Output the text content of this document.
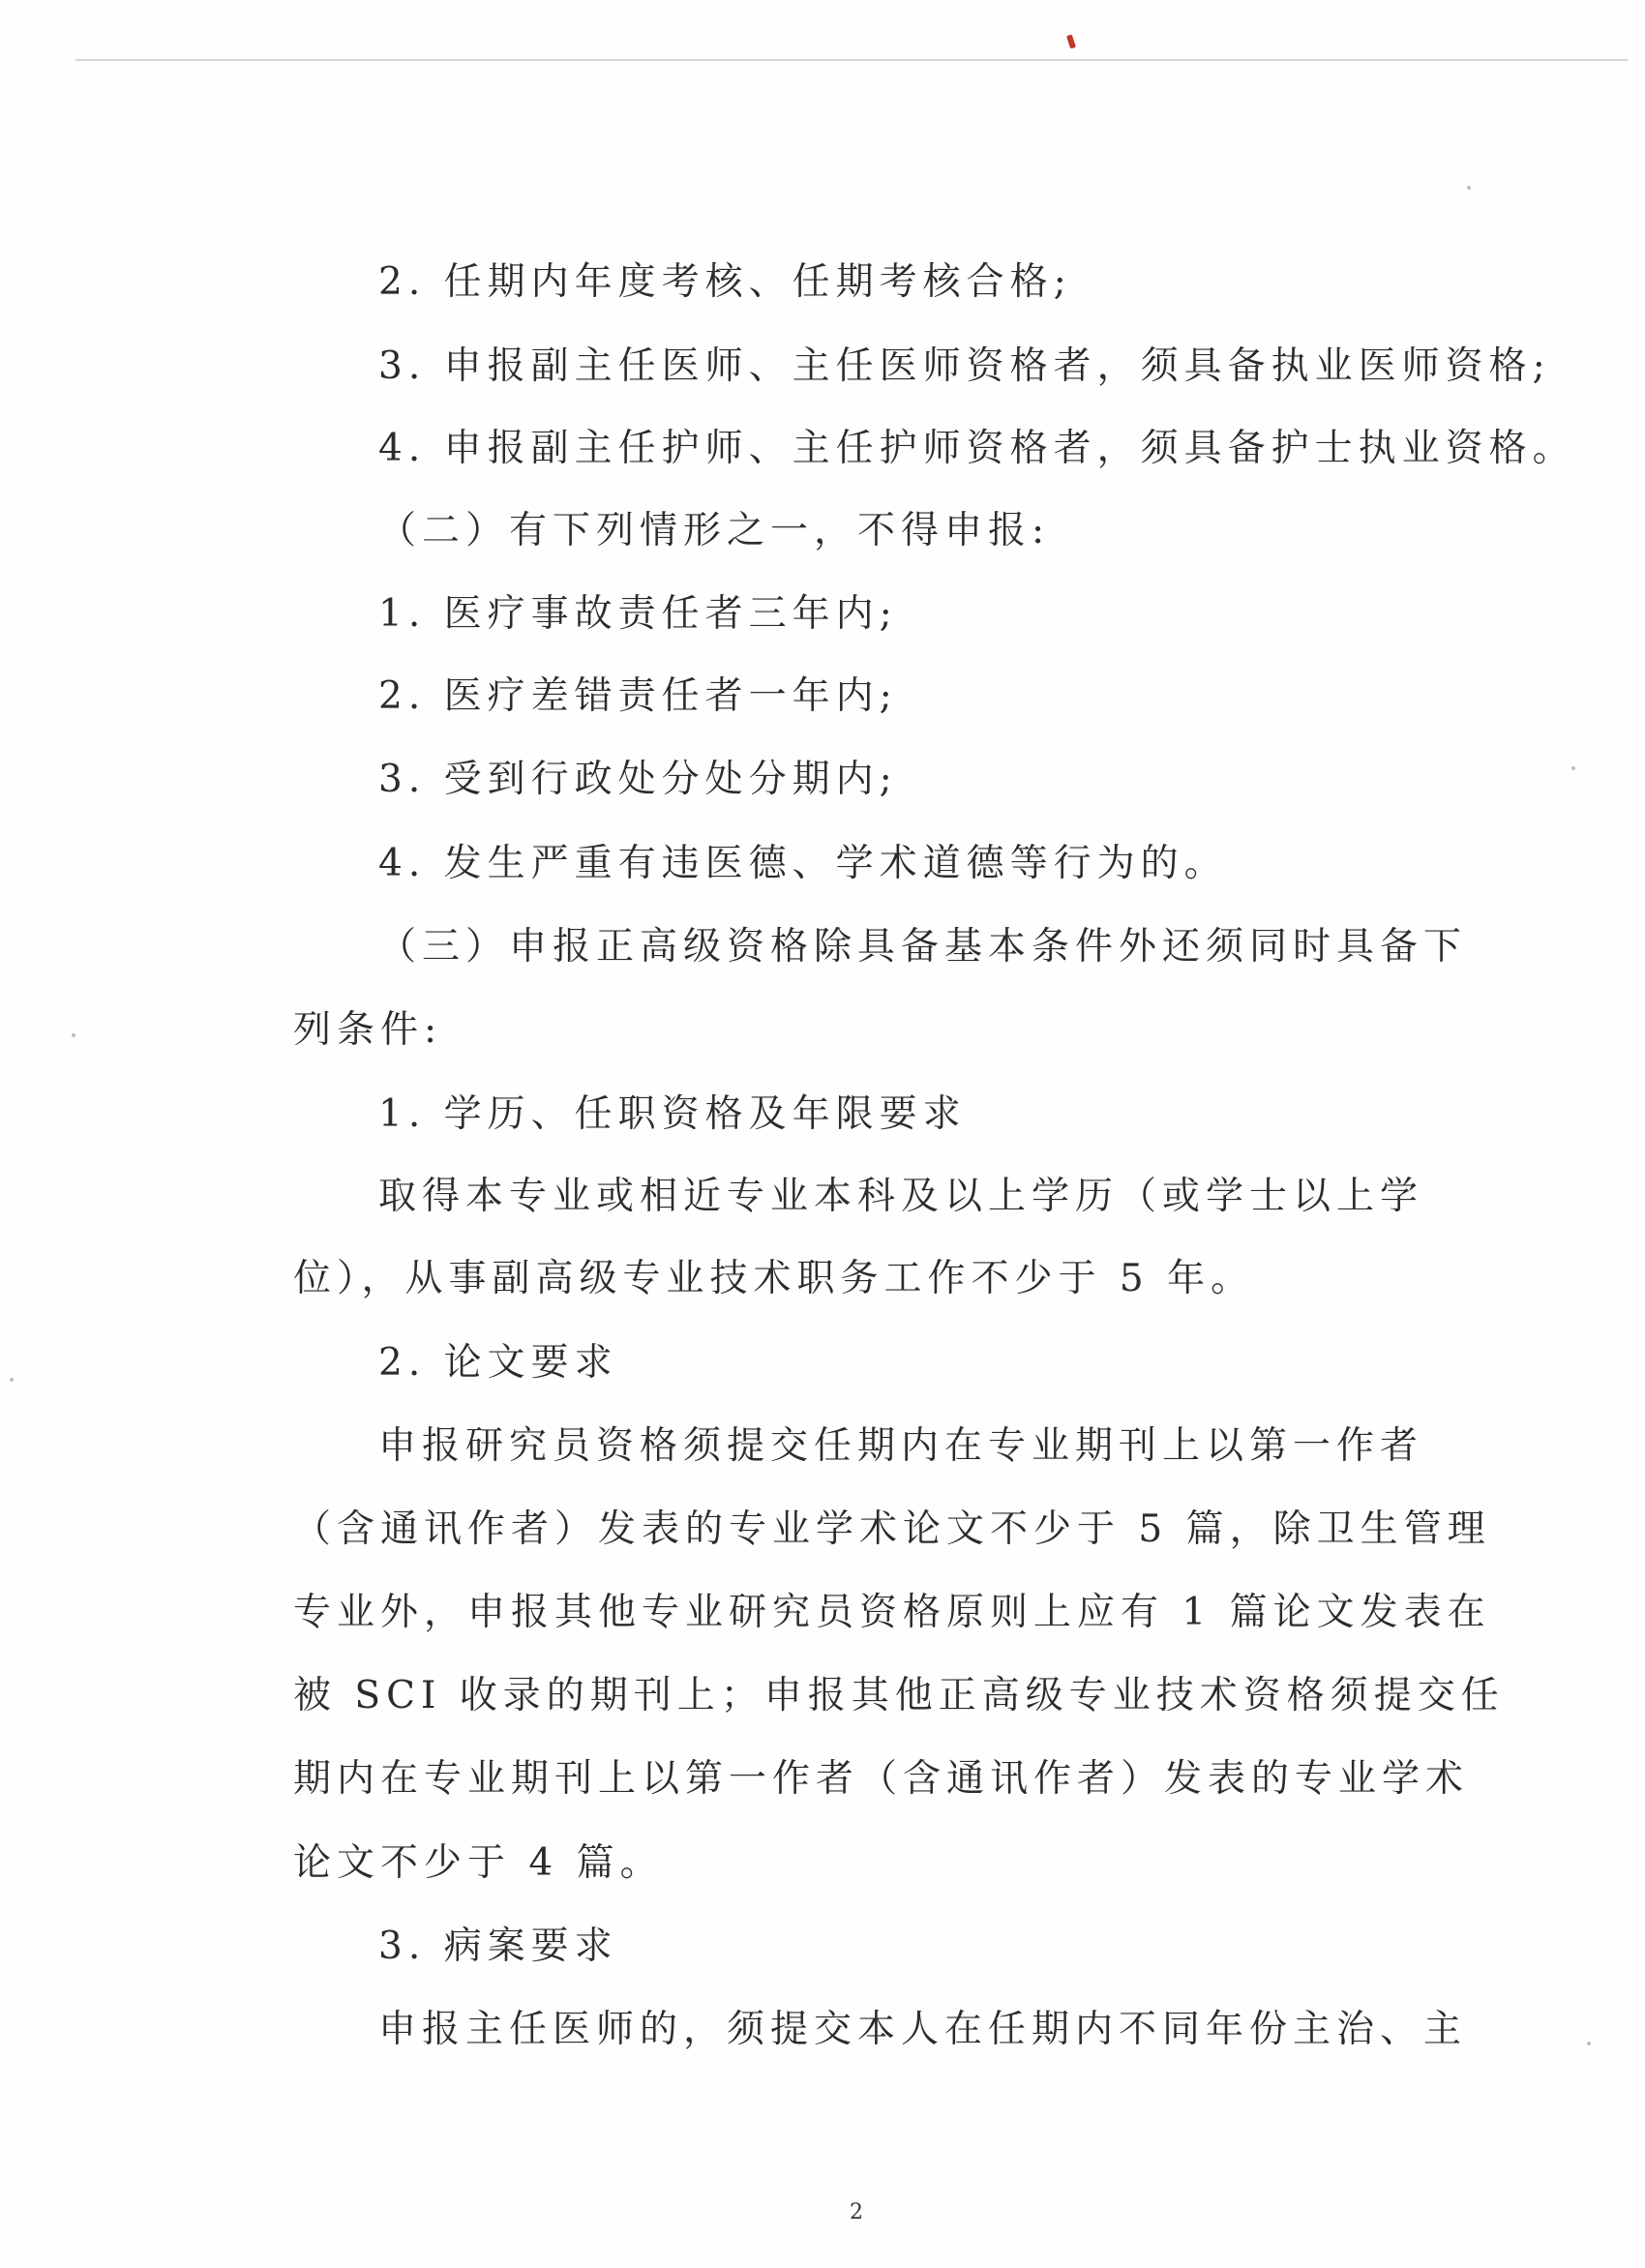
2. 任期内年度考核、任期考核合格;
3. 申报副主任医师、主任医师资格者，须具备执业医师资格;
4. 申报副主任护师、主任护师资格者，须具备护士执业资格。
（二）有下列情形之一，不得申报:
1. 医疗事故责任者三年内;
2. 医疗差错责任者一年内;
3. 受到行政处分处分期内;
4. 发生严重有违医德、学术道德等行为的。
（三）申报正高级资格除具备基本条件外还须同时具备下
列条件:
1. 学历、任职资格及年限要求
取得本专业或相近专业本科及以上学历（或学士以上学
位），从事副高级专业技术职务工作不少于 5 年。
2. 论文要求
申报研究员资格须提交任期内在专业期刊上以第一作者
（含通讯作者）发表的专业学术论文不少于 5 篇，除卫生管理
专业外，申报其他专业研究员资格原则上应有 1 篇论文发表在
被 SCI 收录的期刊上；申报其他正高级专业技术资格须提交任
期内在专业期刊上以第一作者（含通讯作者）发表的专业学术
论文不少于 4 篇。
3. 病案要求
申报主任医师的，须提交本人在任期内不同年份主治、主
2
